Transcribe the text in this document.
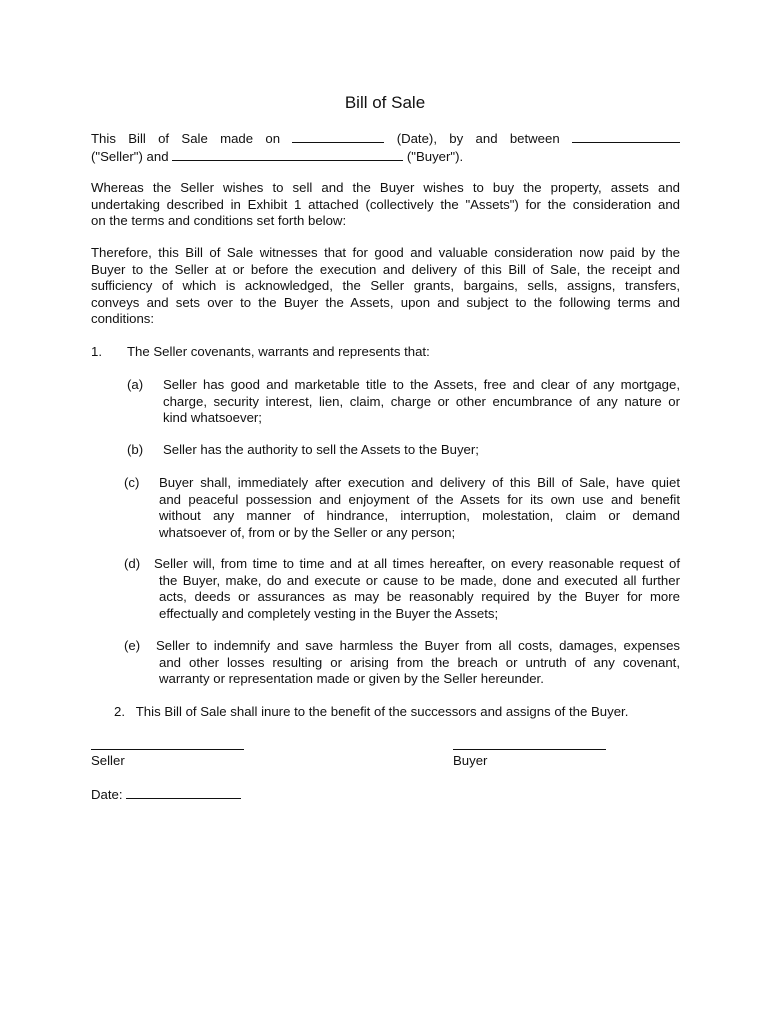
Bill of Sale
This Bill of Sale made on	(Date), by and between
("Seller") and	("Buyer").
Whereas the Seller wishes to sell and the Buyer wishes to buy the property, assets and
undertaking described in Exhibit 1 attached (collectively the "Assets") for the consideration and
on the terms and conditions set forth below:
Therefore, this Bill of Sale witnesses that for good and valuable consideration now paid by the
Buyer to the Seller at or before the execution and delivery of this Bill of Sale, the receipt and
sufficiency of which is acknowledged, the Seller grants, bargains, sells, assigns, transfers,
conveys and sets over to the Buyer the Assets, upon and subject to the following terms and
conditions:
1. The Seller covenants, warrants and represents that:
(a) Seller has good and marketable title to the Assets, free and clear of any mortgage,
charge, security interest, lien, claim, charge or other encumbrance of any nature or
kind whatsoever;
(b) Seller has the authority to sell the Assets to the Buyer;
(c) Buyer shall, immediately after execution and delivery of this Bill of Sale, have quiet
and peaceful possession and enjoyment of the Assets for its own use and benefit
without any manner of hindrance, interruption, molestation, claim or demand
whatsoever of, from or by the Seller or any person;
(d) Seller will, from time to time and at all times hereafter, on every reasonable request of
the Buyer, make, do and execute or cause to be made, done and executed all further
acts, deeds or assurances as may be reasonably required by the Buyer for more
effectually and completely vesting in the Buyer the Assets;
(e) Seller to indemnify and save harmless the Buyer from all costs, damages, expenses
and other losses resulting or arising from the breach or untruth of any covenant,
warranty or representation made or given by the Seller hereunder.
2.   This Bill of Sale shall inure to the benefit of the successors and assigns of the Buyer.
Seller	Buyer
Date:
